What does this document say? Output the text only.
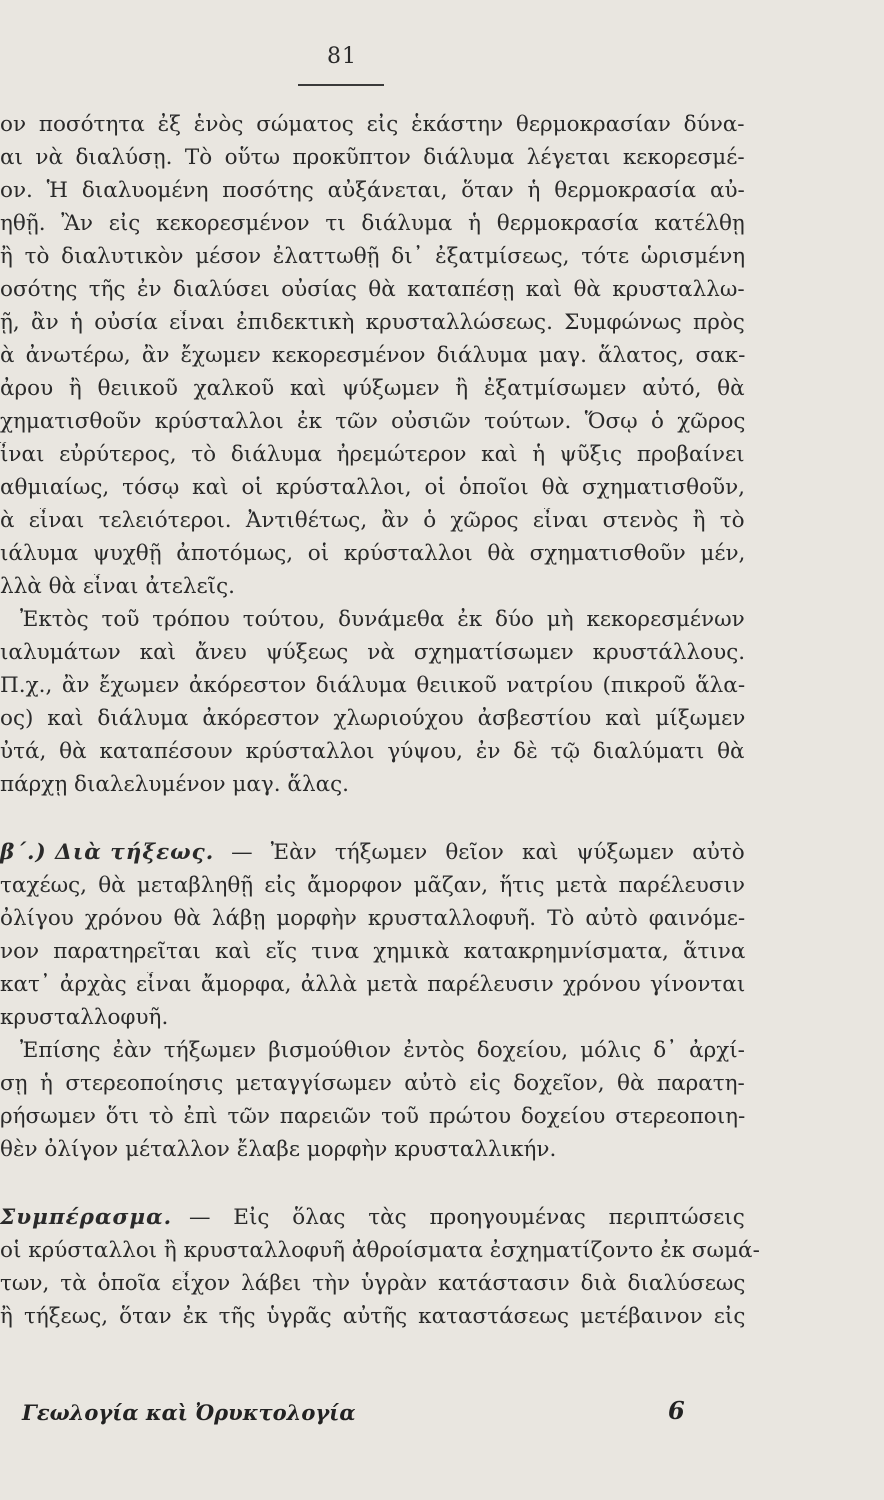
81
ον ποσότητα ἐξ ἑνὸς σώματος εἰς ἑκάστην θερμοκρασίαν δύνα-
αι νὰ διαλύσῃ. Τὸ οὕτω προκῦπτον διάλυμα λέγεται κεκορεσμέ-
ον. Ἡ διαλυομένη ποσότης αὐξάνεται, ὅταν ἡ θερμοκρασία αὐ-
ηθῇ. Ἂν εἰς κεκορεσμένον τι διάλυμα ἡ θερμοκρασία κατέλθῃ
ἢ τὸ διαλυτικὸν μέσον ἐλαττωθῇ δι᾽ ἐξατμίσεως, τότε ὡρισμένη
οσότης τῆς ἐν διαλύσει οὐσίας θὰ καταπέσῃ καὶ θὰ κρυσταλλω-
ῇ, ἂν ἡ οὐσία εἶναι ἐπιδεκτικὴ κρυσταλλώσεως. Συμφώνως πρὸς
ὰ ἀνωτέρω, ἂν ἔχωμεν κεκορεσμένον διάλυμα μαγ. ἅλατος, σακ-
ἀρου ἢ θειικοῦ χαλκοῦ καὶ ψύξωμεν ἢ ἐξατμίσωμεν αὐτό, θὰ
χηματισθοῦν κρύσταλλοι ἐκ τῶν οὐσιῶν τούτων. Ὅσῳ ὁ χῶρος
ἶναι εὐρύτερος, τὸ διάλυμα ἠρεμώτερον καὶ ἡ ψῦξις προβαίνει
αθμιαίως, τόσῳ καὶ οἱ κρύσταλλοι, οἱ ὁποῖοι θὰ σχηματισθοῦν,
ὰ εἶναι τελειότεροι. Ἀντιθέτως, ἂν ὁ χῶρος εἶναι στενὸς ἢ τὸ
ιάλυμα ψυχθῇ ἀποτόμως, οἱ κρύσταλλοι θὰ σχηματισθοῦν μέν,
λλὰ θὰ εἶναι ἀτελεῖς.
Ἐκτὸς τοῦ τρόπου τούτου, δυνάμεθα ἐκ δύο μὴ κεκορεσμένων
ιαλυμάτων καὶ ἄνευ ψύξεως νὰ σχηματίσωμεν κρυστάλλους.
Π.χ., ἂν ἔχωμεν ἀκόρεστον διάλυμα θειικοῦ νατρίου (πικροῦ ἅλα-
ος) καὶ διάλυμα ἀκόρεστον χλωριούχου ἀσβεστίου καὶ μίξωμεν
ὐτά, θὰ καταπέσουν κρύσταλλοι γύψου, ἐν δὲ τῷ διαλύματι θὰ
πάρχῃ διαλελυμένον μαγ. ἅλας.
β´.) Διὰ τήξεως. — Ἐὰν τήξωμεν θεῖον καὶ ψύξωμεν αὐτὸ
ταχέως, θὰ μεταβληθῇ εἰς ἄμορφον μᾶζαν, ἥτις μετὰ παρέλευσιν
ὀλίγου χρόνου θὰ λάβῃ μορφὴν κρυσταλλοφυῆ. Τὸ αὐτὸ φαινόμε-
νον παρατηρεῖται καὶ εἴς τινα χημικὰ κατακρημνίσματα, ἅτινα
κατ᾽ ἀρχὰς εἶναι ἄμορφα, ἀλλὰ μετὰ παρέλευσιν χρόνου γίνονται
κρυσταλλοφυῆ.
Ἐπίσης ἐὰν τήξωμεν βισμούθιον ἐντὸς δοχείου, μόλις δ᾽ ἀρχί-
σῃ ἡ στερεοποίησις μεταγγίσωμεν αὐτὸ εἰς δοχεῖον, θὰ παρατη-
ρήσωμεν ὅτι τὸ ἐπὶ τῶν παρειῶν τοῦ πρώτου δοχείου στερεοποιη-
θὲν ὀλίγον μέταλλον ἔλαβε μορφὴν κρυσταλλικήν.
Συμπέρασμα. — Εἰς ὅλας τὰς προηγουμένας περιπτώσεις
οἱ κρύσταλλοι ἢ κρυσταλλοφυῆ ἀθροίσματα ἐσχηματίζοντο ἐκ σωμά-
των, τὰ ὁποῖα εἶχον λάβει τὴν ὑγρὰν κατάστασιν διὰ διαλύσεως
ἢ τήξεως, ὅταν ἐκ τῆς ὑγρᾶς αὐτῆς καταστάσεως μετέβαινον εἰς
Γεωλογία καὶ Ὀρυκτολογία	6
